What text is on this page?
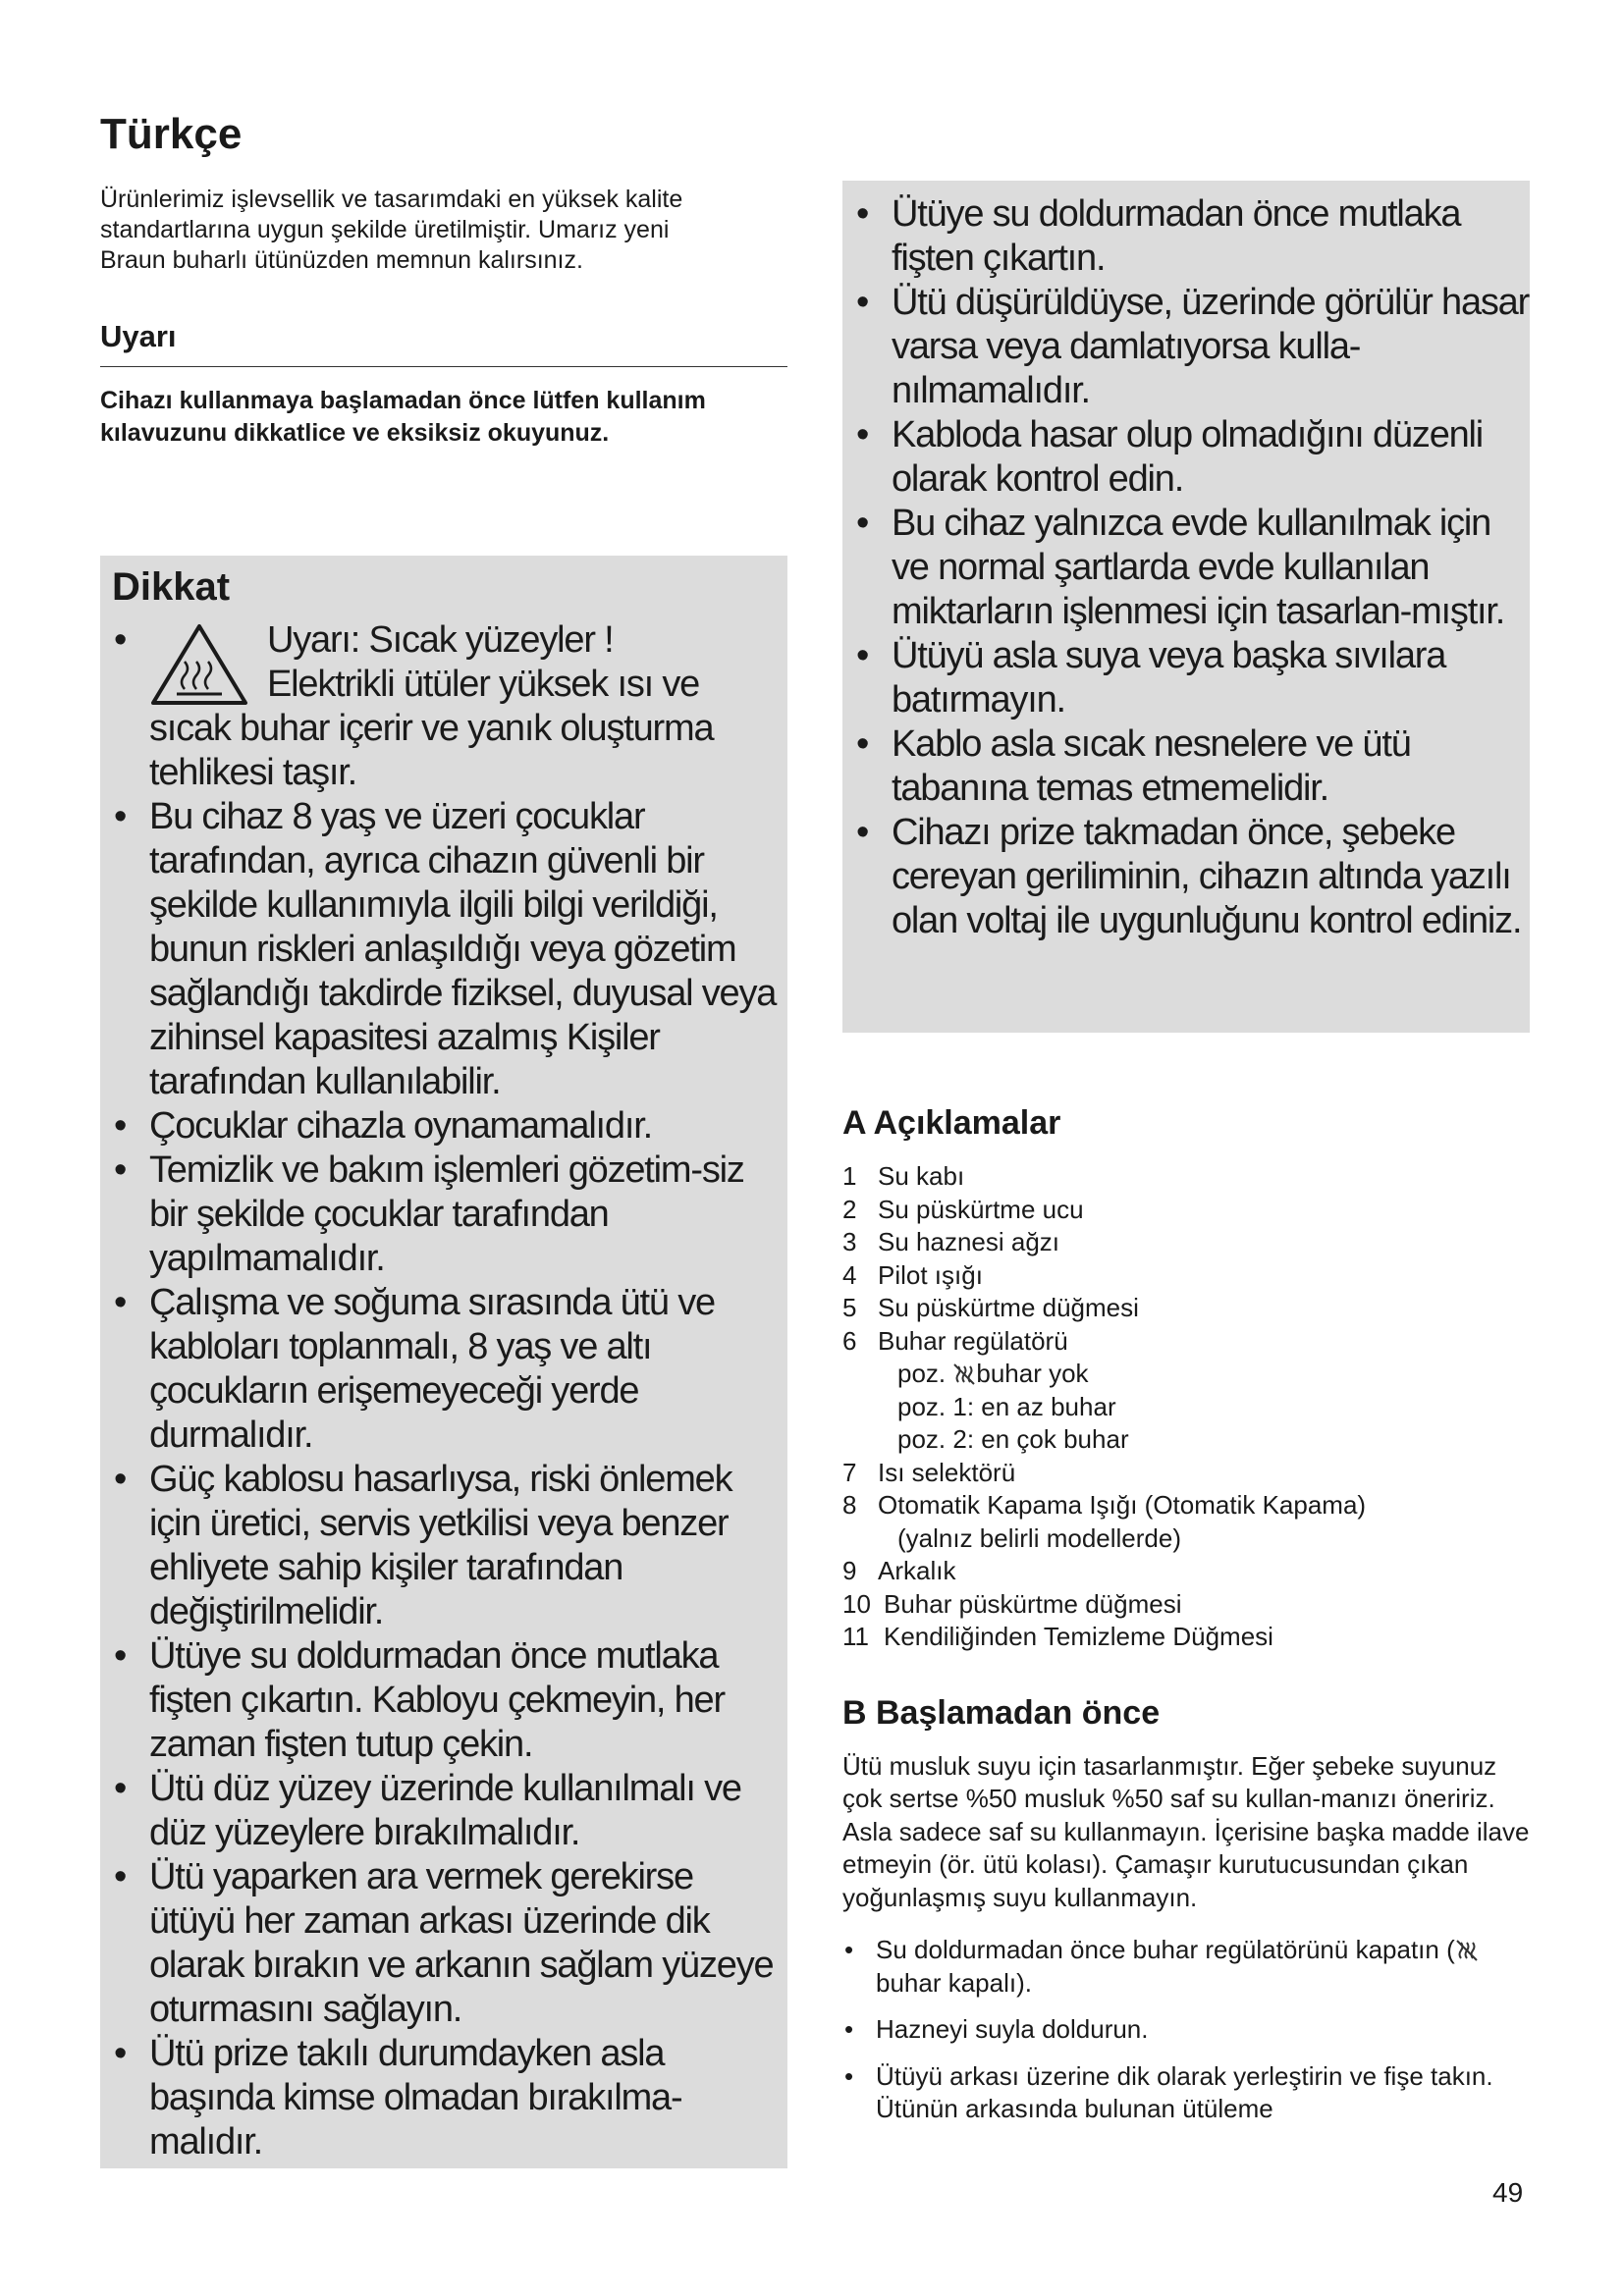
Türkçe

Ürünlerimiz işlevsellik ve tasarımdaki en yüksek kalite standartlarına uygun şekilde üretilmiştir. Umarız yeni Braun buharlı ütünüzden memnun kalırsınız.

Uyarı

Cihazı kullanmaya başlamadan önce lütfen kullanım kılavuzunu dikkatlice ve eksiksiz okuyunuz.

Dikkat
• Uyarı: Sıcak yüzeyler !
Elektrikli ütüler yüksek ısı ve sıcak buhar içerir ve yanık oluşturma tehlikesi taşır.
• Bu cihaz 8 yaş ve üzeri çocuklar tarafından, ayrıca cihazın güvenli bir şekilde kullanımıyla ilgili bilgi verildiği, bunun riskleri anlaşıldığı veya gözetim sağlandığı takdirde fiziksel, duyusal veya zihinsel kapasitesi azalmış Kişiler tarafından kullanılabilir.
• Çocuklar cihazla oynamamalıdır.
• Temizlik ve bakım işlemleri gözetim-siz bir şekilde çocuklar tarafından yapılmamalıdır.
• Çalışma ve soğuma sırasında ütü ve kabloları toplanmalı, 8 yaş ve altı çocukların erişemeyeceği yerde durmalıdır.
• Güç kablosu hasarlıysa, riski önlemek için üretici, servis yetkilisi veya benzer ehliyete sahip kişiler tarafından değiştirilmelidir.
• Ütüye su doldurmadan önce mutlaka fişten çıkartın. Kabloyu çekmeyin, her zaman fişten tutup çekin.
• Ütü düz yüzey üzerinde kullanılmalı ve düz yüzeylere bırakılmalıdır.
• Ütü yaparken ara vermek gerekirse ütüyü her zaman arkası üzerinde dik olarak bırakın ve arkanın sağlam yüzeye oturmasını sağlayın.
• Ütü prize takılı durumdayken asla başında kimse olmadan bırakılma-malıdır.
• Ütüye su doldurmadan önce mutlaka fişten çıkartın.
• Ütü düşürüldüyse, üzerinde görülür hasar varsa veya damlatıyorsa kulla-nılmamalıdır.
• Kabloda hasar olup olmadığını düzenli olarak kontrol edin.
• Bu cihaz yalnızca evde kullanılmak için ve normal şartlarda evde kullanılan miktarların işlenmesi için tasarlan-mıştır.
• Ütüyü asla suya veya başka sıvılara batırmayın.
• Kablo asla sıcak nesnelere ve ütü tabanına temas etmemelidir.
• Cihazı prize takmadan önce, şebeke cereyan geriliminin, cihazın altında yazılı olan voltaj ile uygunluğunu kontrol ediniz.
A Açıklamalar
1 Su kabı
2 Su püskürtme ucu
3 Su haznesi ağzı
4 Pilot ışığı
5 Su püskürtme düğmesi
6 Buhar regülatörü
poz. buhar yok
poz. 1: en az buhar
poz. 2: en çok buhar
7 Isı selektörü
8 Otomatik Kapama Işığı (Otomatik Kapama)
(yalnız belirli modellerde)
9 Arkalık
10 Buhar püskürtme düğmesi
11 Kendiliğinden Temizleme Düğmesi
B Başlamadan önce

Ütü musluk suyu için tasarlanmıştır. Eğer şebeke suyunuz çok sertse %50 musluk %50 saf su kullan-manızı öneririz. Asla sadece saf su kullanmayın. İçerisine başka madde ilave etmeyin (ör. ütü kolası). Çamaşır kurutucusundan çıkan yoğunlaşmış suyu kullanmayın.

• Su doldurmadan önce buhar regülatörünü kapatın ( buhar kapalı).
• Hazneyi suyla doldurun.
• Ütüyü arkası üzerine dik olarak yerleştirin ve fişe takın. Ütünün arkasında bulunan ütüleme
49
